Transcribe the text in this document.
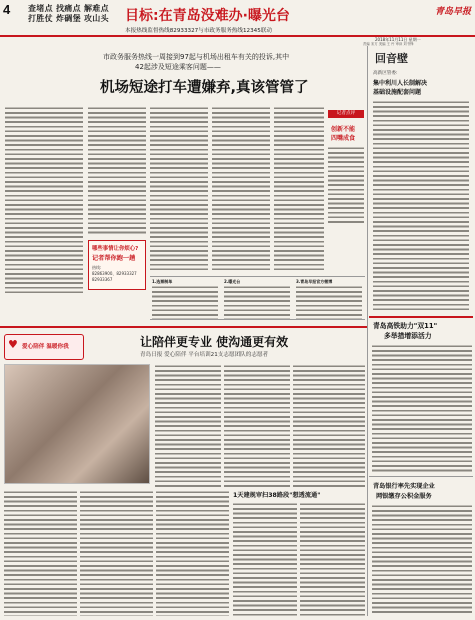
4 查堵点 找痛点 解难点
打胜仗 炸碉堡 攻山头 目标:在青岛没难办·曝光台	青岛早报
本报热线监督热线82933327与市政务服务热线12345联动
2018年11月11日 星期一
责编 宋方 美编 王 丹 审读 刘书锋
市政务服务热线一周接到97起与机场出租车有关的投诉,其中
42起涉及短途乘客问题——
机场短途打车遭嫌弃,真该管管了
记者点评
创新不能
四嘴成食
哪些事情让你烦心?
记者帮你跑一趟
热线:
82863900、82933327
82933367	1.选票制单	2.曝光台	3.青岛早报官方微博
回音壁
高新区管委:
集中利川人长制解决
基础设施配套问题
♥ 爱心陪伴 温暖你我	让陪伴更专业 使沟通更有效
青岛日报 爱心陪伴 平台培训21支志愿团队的志愿者
1天建规审扫38路段"想透流通"
青岛高铁助力"双11"
多举措增添活力
青岛银行率先实现企业
网银缴存公积金服务
